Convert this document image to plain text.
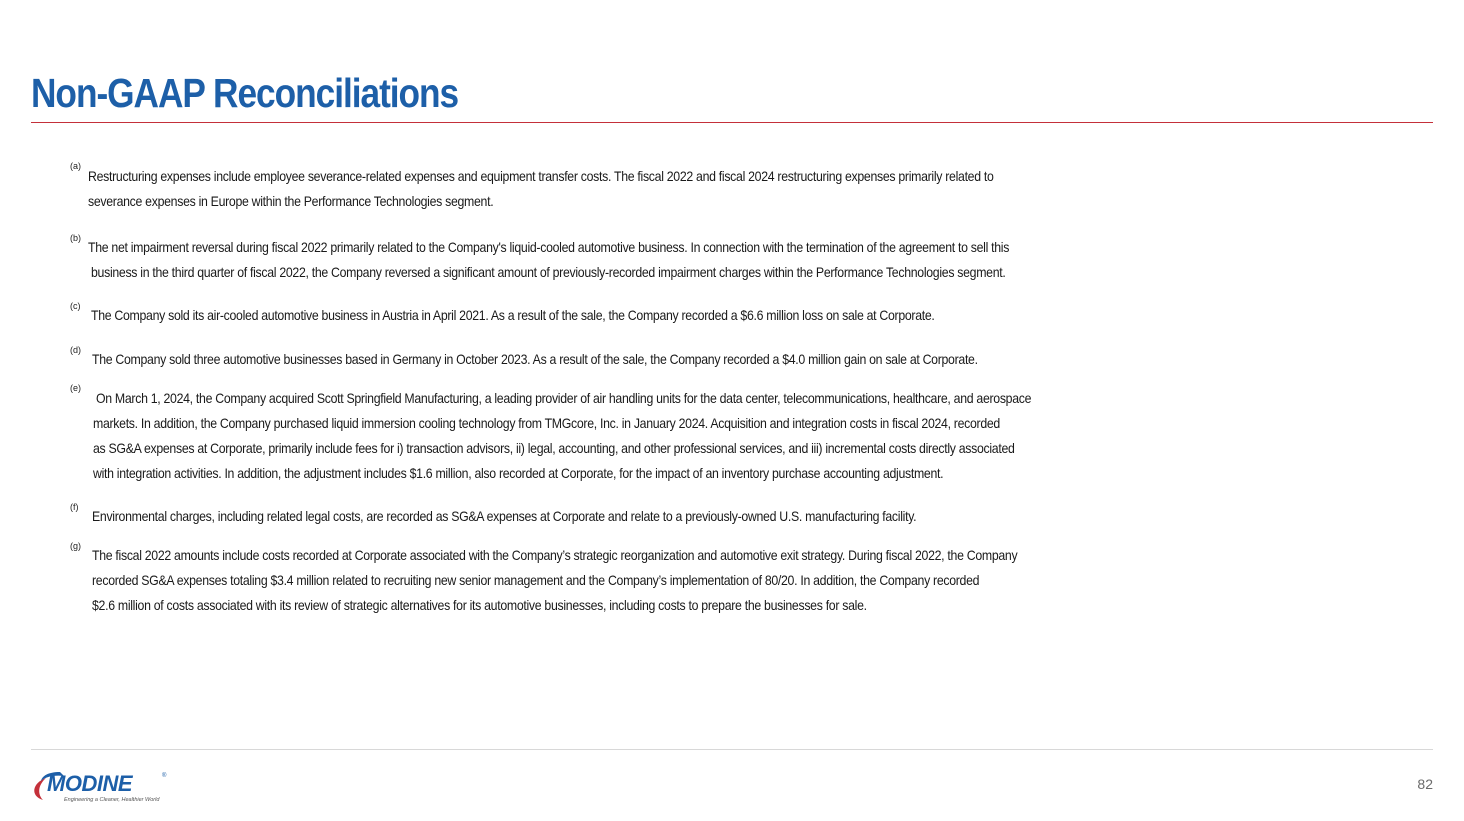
Non-GAAP Reconciliations
(a)
Restructuring expenses include employee severance-related expenses and equipment transfer costs. The fiscal 2022 and fiscal 2024 restructuring expenses primarily related to
severance expenses in Europe within the Performance Technologies segment.
(b)
The net impairment reversal during fiscal 2022 primarily related to the Company's liquid-cooled automotive business. In connection with the termination of the agreement to sell this
business in the third quarter of fiscal 2022, the Company reversed a significant amount of previously-recorded impairment charges within the Performance Technologies segment.
(c)
The Company sold its air-cooled automotive business in Austria in April 2021. As a result of the sale, the Company recorded a $6.6 million loss on sale at Corporate.
(d)
The Company sold three automotive businesses based in Germany in October 2023. As a result of the sale, the Company recorded a $4.0 million gain on sale at Corporate.
(e)
On March 1, 2024, the Company acquired Scott Springfield Manufacturing, a leading provider of air handling units for the data center, telecommunications, healthcare, and aerospace
markets. In addition, the Company purchased liquid immersion cooling technology from TMGcore, Inc. in January 2024. Acquisition and integration costs in fiscal 2024, recorded
as SG&A expenses at Corporate, primarily include fees for i) transaction advisors, ii) legal, accounting, and other professional services, and iii) incremental costs directly associated
with integration activities. In addition, the adjustment includes $1.6 million, also recorded at Corporate, for the impact of an inventory purchase accounting adjustment.
(f)
Environmental charges, including related legal costs, are recorded as SG&A expenses at Corporate and relate to a previously-owned U.S. manufacturing facility.
(g)
The fiscal 2022 amounts include costs recorded at Corporate associated with the Company’s strategic reorganization and automotive exit strategy. During fiscal 2022, the Company
recorded SG&A expenses totaling $3.4 million related to recruiting new senior management and the Company’s implementation of 80/20. In addition, the Company recorded
$2.6 million of costs associated with its review of strategic alternatives for its automotive businesses, including costs to prepare the businesses for sale.
MODINE	®
Engineering a Cleaner, Healthier World
82
